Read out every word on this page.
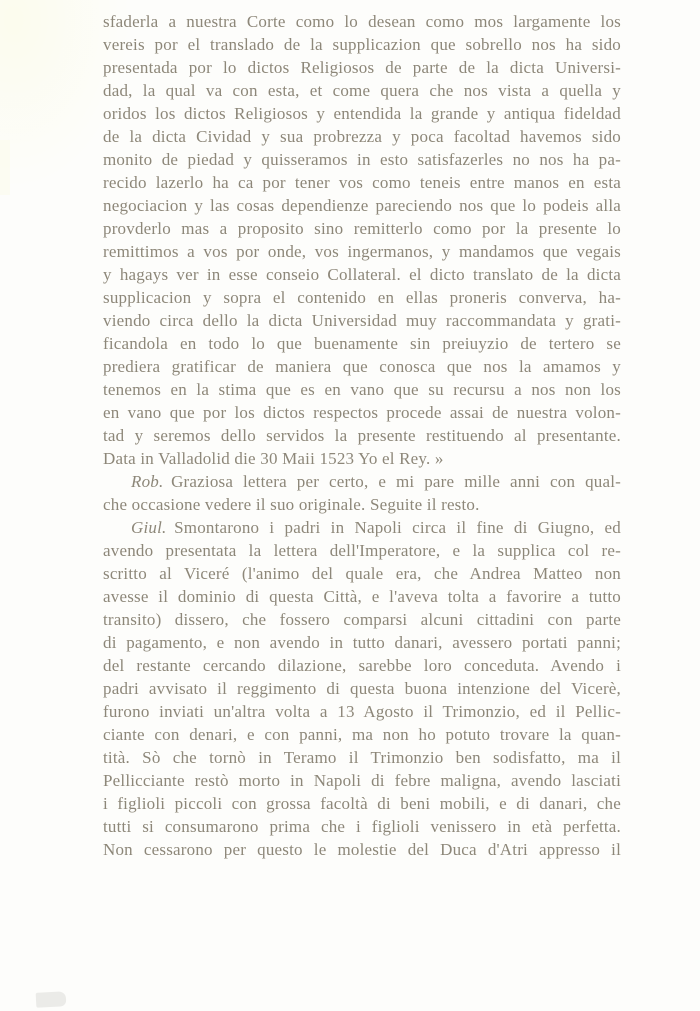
sfaderla a nuestra Corte como lo desean como mos largamente los
vereis por el translado de la supplicazion que sobrello nos ha sido
presentada por lo dictos Religiosos de parte de la dicta Universi-
dad, la qual va con esta, et come quera che nos vista a quella y
oridos los dictos Religiosos y entendida la grande y antiqua fideldad
de la dicta Cividad y sua probrezza y poca facoltad havemos sido
monito de piedad y quisseramos in esto satisfazerles no nos ha pa-
recido lazerlo ha ca por tener vos como teneis entre manos en esta
negociacion y las cosas dependienze pareciendo nos que lo podeis alla
provderlo mas a proposito sino remitterlo como por la presente lo
remittimos a vos por onde, vos ingermanos, y mandamos que vegais
y hagays ver in esse conseio Collateral. el dicto translato de la dicta
supplicacion y sopra el contenido en ellas proneris converva, ha-
viendo circa dello la dicta Universidad muy raccommandata y grati-
ficandola en todo lo que buenamente sin preiuyzio de tertero se
prediera gratificar de maniera que conosca que nos la amamos y
tenemos en la stima que es en vano que su recursu a nos non los
en vano que por los dictos respectos procede assai de nuestra volon-
tad y seremos dello servidos la presente restituendo al presentante.
Data in Valladolid die 30 Maii 1523 Yo el Rey. »
Rob. Graziosa lettera per certo, e mi pare mille anni con qual-
che occasione vedere il suo originale. Seguite il resto.
Giul. Smontarono i padri in Napoli circa il fine di Giugno, ed
avendo presentata la lettera dell'Imperatore, e la supplica col re-
scritto al Viceré (l'animo del quale era, che Andrea Matteo non
avesse il dominio di questa Città, e l'aveva tolta a favorire a tutto
transito) dissero, che fossero comparsi alcuni cittadini con parte
di pagamento, e non avendo in tutto danari, avessero portati panni;
del restante cercando dilazione, sarebbe loro conceduta. Avendo i
padri avvisato il reggimento di questa buona intenzione del Vicerè,
furono inviati un'altra volta a 13 Agosto il Trimonzio, ed il Pellic-
ciante con denari, e con panni, ma non ho potuto trovare la quan-
tità. Sò che tornò in Teramo il Trimonzio ben sodisfatto, ma il
Pellicciante restò morto in Napoli di febre maligna, avendo lasciati
i figlioli piccoli con grossa facoltà di beni mobili, e di danari, che
tutti si consumarono prima che i figlioli venissero in età perfetta.
Non cessarono per questo le molestie del Duca d'Atri appresso il
